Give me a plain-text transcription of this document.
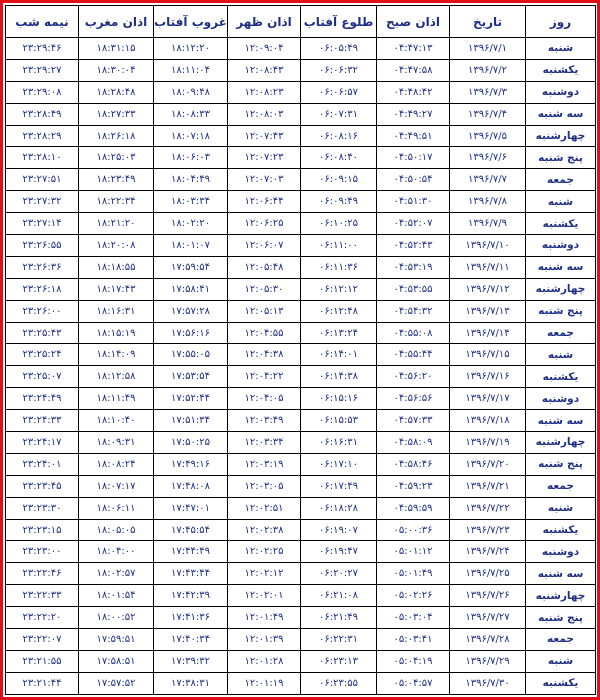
روز	تاریخ	اذان صبح	طلوع آفتاب	اذان ظهر	غروب آفتاب	اذان مغرب	نیمه شب
شنبه	۱۳۹۶/۷/۱	۰۴:۴۷:۱۳	۰۶:۰۵:۴۹	۱۲:۰۹:۰۴	۱۸:۱۲:۲۰	۱۸:۳۱:۱۵	۲۳:۲۹:۴۶
یکشنبه	۱۳۹۶/۷/۲	۰۴:۴۷:۵۸	۰۶:۰۶:۳۲	۱۲:۰۸:۴۳	۱۸:۱۱:۰۴	۱۸:۳۰:۰۴	۲۳:۲۹:۲۷
دوشنبه	۱۳۹۶/۷/۳	۰۴:۴۸:۴۲	۰۶:۰۶:۵۷	۱۲:۰۸:۲۳	۱۸:۰۹:۴۸	۱۸:۲۸:۴۸	۲۳:۲۹:۰۸
سه شنبه	۱۳۹۶/۷/۴	۰۴:۴۹:۲۷	۰۶:۰۷:۳۱	۱۲:۰۸:۰۳	۱۸:۰۸:۳۳	۱۸:۲۷:۳۳	۲۳:۲۸:۴۹
چهارشنبه	۱۳۹۶/۷/۵	۰۴:۴۹:۵۱	۰۶:۰۸:۱۶	۱۲:۰۷:۴۳	۱۸:۰۷:۱۸	۱۸:۲۶:۱۸	۲۳:۲۸:۲۹
پنج شنبه	۱۳۹۶/۷/۶	۰۴:۵۰:۱۷	۰۶:۰۸:۴۰	۱۲:۰۷:۲۳	۱۸:۰۶:۰۳	۱۸:۲۵:۰۳	۲۳:۲۸:۱۰
جمعه	۱۳۹۶/۷/۷	۰۴:۵۰:۵۴	۰۶:۰۹:۱۵	۱۲:۰۷:۰۳	۱۸:۰۴:۴۹	۱۸:۲۳:۴۹	۲۳:۲۷:۵۱
شنبه	۱۳۹۶/۷/۸	۰۴:۵۱:۳۰	۰۶:۰۹:۴۹	۱۲:۰۶:۴۴	۱۸:۰۳:۳۴	۱۸:۲۲:۳۴	۲۳:۲۷:۳۲
یکشنبه	۱۳۹۶/۷/۹	۰۴:۵۲:۰۷	۰۶:۱۰:۲۵	۱۲:۰۶:۲۵	۱۸:۰۲:۲۰	۱۸:۲۱:۲۰	۲۳:۲۷:۱۴
دوشنبه	۱۳۹۶/۷/۱۰	۰۴:۵۲:۴۳	۰۶:۱۱:۰۰	۱۲:۰۶:۰۷	۱۸:۰۱:۰۷	۱۸:۲۰:۰۸	۲۳:۲۶:۵۵
سه شنبه	۱۳۹۶/۷/۱۱	۰۴:۵۳:۱۹	۰۶:۱۱:۳۶	۱۲:۰۵:۴۸	۱۷:۵۹:۵۴	۱۸:۱۸:۵۵	۲۳:۲۶:۳۶
چهارشنبه	۱۳۹۶/۷/۱۲	۰۴:۵۳:۵۵	۰۶:۱۲:۱۲	۱۲:۰۵:۳۰	۱۷:۵۸:۴۱	۱۸:۱۷:۴۳	۲۳:۲۶:۱۸
پنج شنبه	۱۳۹۶/۷/۱۳	۰۴:۵۴:۳۲	۰۶:۱۲:۴۸	۱۲:۰۵:۱۳	۱۷:۵۷:۲۸	۱۸:۱۶:۳۱	۲۳:۲۶:۰۰
جمعه	۱۳۹۶/۷/۱۴	۰۴:۵۵:۰۸	۰۶:۱۳:۲۴	۱۲:۰۴:۵۵	۱۷:۵۶:۱۶	۱۸:۱۵:۱۹	۲۳:۲۵:۴۳
شنبه	۱۳۹۶/۷/۱۵	۰۴:۵۵:۴۴	۰۶:۱۴:۰۱	۱۲:۰۴:۳۸	۱۷:۵۵:۰۵	۱۸:۱۴:۰۹	۲۳:۲۵:۲۴
یکشنبه	۱۳۹۶/۷/۱۶	۰۴:۵۶:۲۰	۰۶:۱۴:۳۸	۱۲:۰۴:۲۲	۱۷:۵۳:۵۴	۱۸:۱۲:۵۸	۲۳:۲۵:۰۷
دوشنبه	۱۳۹۶/۷/۱۷	۰۴:۵۶:۵۶	۰۶:۱۵:۱۶	۱۲:۰۴:۰۵	۱۷:۵۲:۴۴	۱۸:۱۱:۴۹	۲۳:۲۴:۴۹
سه شنبه	۱۳۹۶/۷/۱۸	۰۴:۵۷:۳۳	۰۶:۱۵:۵۳	۱۲:۰۳:۴۹	۱۷:۵۱:۳۴	۱۸:۱۰:۴۰	۲۳:۲۴:۳۳
چهارشنبه	۱۳۹۶/۷/۱۹	۰۴:۵۸:۰۹	۰۶:۱۶:۳۱	۱۲:۰۳:۳۴	۱۷:۵۰:۲۵	۱۸:۰۹:۳۱	۲۳:۲۴:۱۷
پنج شنبه	۱۳۹۶/۷/۲۰	۰۴:۵۸:۴۶	۰۶:۱۷:۱۰	۱۲:۰۳:۱۹	۱۷:۴۹:۱۶	۱۸:۰۸:۲۴	۲۳:۲۴:۰۱
جمعه	۱۳۹۶/۷/۲۱	۰۴:۵۹:۲۳	۰۶:۱۷:۴۹	۱۲:۰۳:۰۵	۱۷:۴۸:۰۸	۱۸:۰۷:۱۷	۲۳:۲۳:۴۵
شنبه	۱۳۹۶/۷/۲۲	۰۴:۵۹:۵۹	۰۶:۱۸:۲۸	۱۲:۰۲:۵۱	۱۷:۴۷:۰۱	۱۸:۰۶:۱۱	۲۳:۲۳:۳۰
یکشنبه	۱۳۹۶/۷/۲۳	۰۵:۰۰:۳۶	۰۶:۱۹:۰۷	۱۲:۰۲:۳۸	۱۷:۴۵:۵۴	۱۸:۰۵:۰۵	۲۳:۲۳:۱۵
دوشنبه	۱۳۹۶/۷/۲۴	۰۵:۰۱:۱۲	۰۶:۱۹:۴۷	۱۲:۰۲:۲۵	۱۷:۴۴:۴۹	۱۸:۰۴:۰۰	۲۳:۲۳:۰۰
سه شنبه	۱۳۹۶/۷/۲۵	۰۵:۰۱:۴۹	۰۶:۲۰:۲۷	۱۲:۰۲:۱۲	۱۷:۴۳:۴۴	۱۸:۰۲:۵۷	۲۳:۲۲:۴۶
چهارشنبه	۱۳۹۶/۷/۲۶	۰۵:۰۲:۲۶	۰۶:۲۱:۰۸	۱۲:۰۲:۰۱	۱۷:۴۲:۳۹	۱۸:۰۱:۵۴	۲۳:۲۲:۳۳
پنج شنبه	۱۳۹۶/۷/۲۷	۰۵:۰۳:۰۴	۰۶:۲۱:۴۹	۱۲:۰۱:۴۹	۱۷:۴۱:۳۶	۱۸:۰۰:۵۲	۲۳:۲۲:۲۰
جمعه	۱۳۹۶/۷/۲۸	۰۵:۰۳:۴۱	۰۶:۲۲:۳۱	۱۲:۰۱:۳۹	۱۷:۴۰:۳۴	۱۷:۵۹:۵۱	۲۳:۲۲:۰۷
شنبه	۱۳۹۶/۷/۲۹	۰۵:۰۴:۱۹	۰۶:۲۳:۱۳	۱۲:۰۱:۲۸	۱۷:۳۹:۳۲	۱۷:۵۸:۵۱	۲۳:۲۱:۵۵
یکشنبه	۱۳۹۶/۷/۳۰	۰۵:۰۴:۵۷	۰۶:۲۳:۵۵	۱۲:۰۱:۱۹	۱۷:۳۸:۳۱	۱۷:۵۷:۵۲	۲۳:۲۱:۴۴
